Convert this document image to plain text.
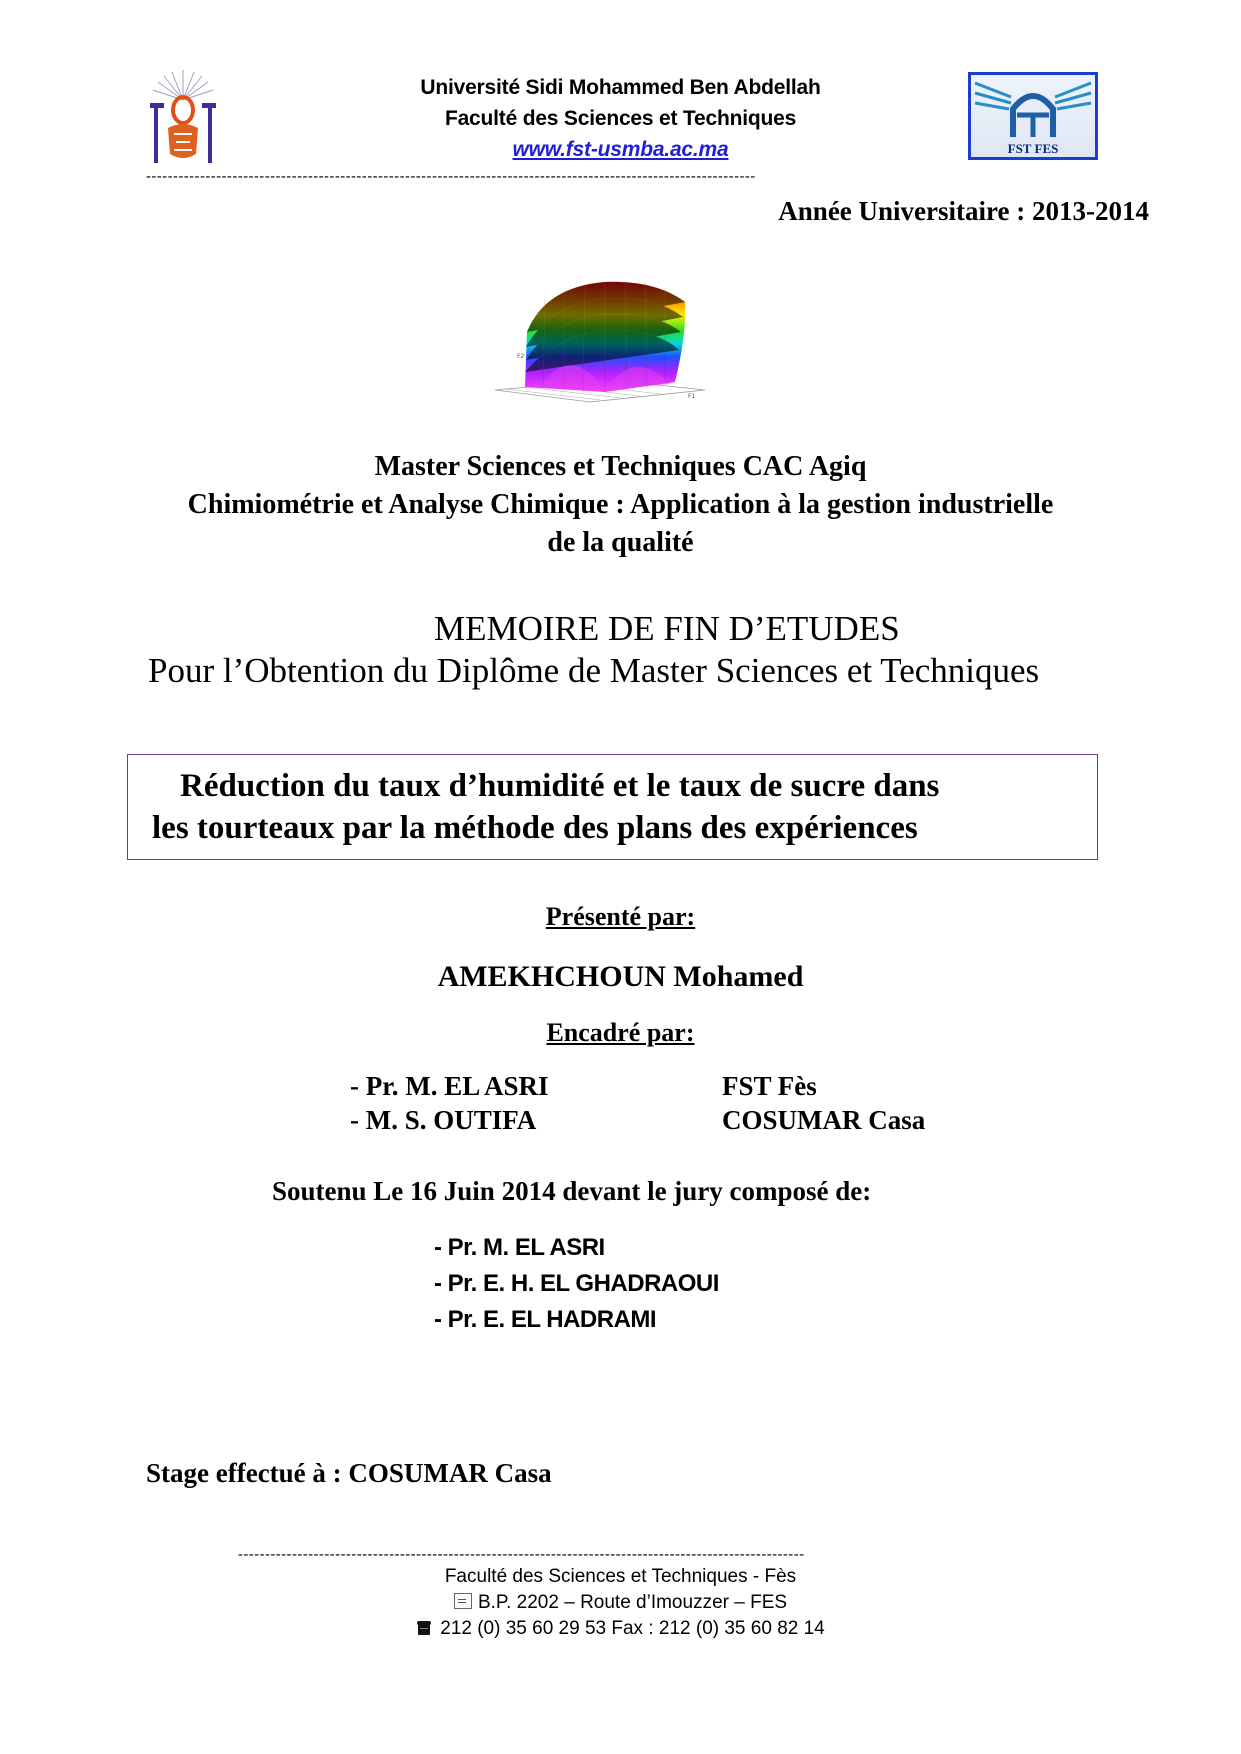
FST FES
Université Sidi Mohammed Ben Abdellah
Faculté des Sciences et Techniques
www.fst-usmba.ac.ma
-----------------------------------------------------------------------------------------------------------------
Année Universitaire : 2013-2014
F2
F1
Master Sciences et Techniques CAC Agiq
Chimiométrie et Analyse Chimique : Application à la gestion industrielle
de la qualité
MEMOIRE DE FIN D’ETUDES
Pour l’Obtention du Diplôme de Master Sciences et Techniques
Réduction du taux d’humidité et le taux de sucre dans
les tourteaux par la méthode des plans des expériences
Présenté par:
AMEKHCHOUN Mohamed
Encadré par:
- Pr. M. EL ASRI	FST Fès
- M. S. OUTIFA	COSUMAR Casa
Soutenu Le 16 Juin 2014 devant le jury composé de:
- Pr. M. EL ASRI
- Pr. E. H. EL GHADRAOUI
- Pr. E. EL HADRAMI
Stage effectué à : COSUMAR Casa
---------------------------------------------------------------------------------------------------------
Faculté des Sciences et Techniques - Fès
B.P. 2202 – Route d’Imouzzer – FES
212 (0) 35 60 29 53 Fax : 212 (0) 35 60 82 14
